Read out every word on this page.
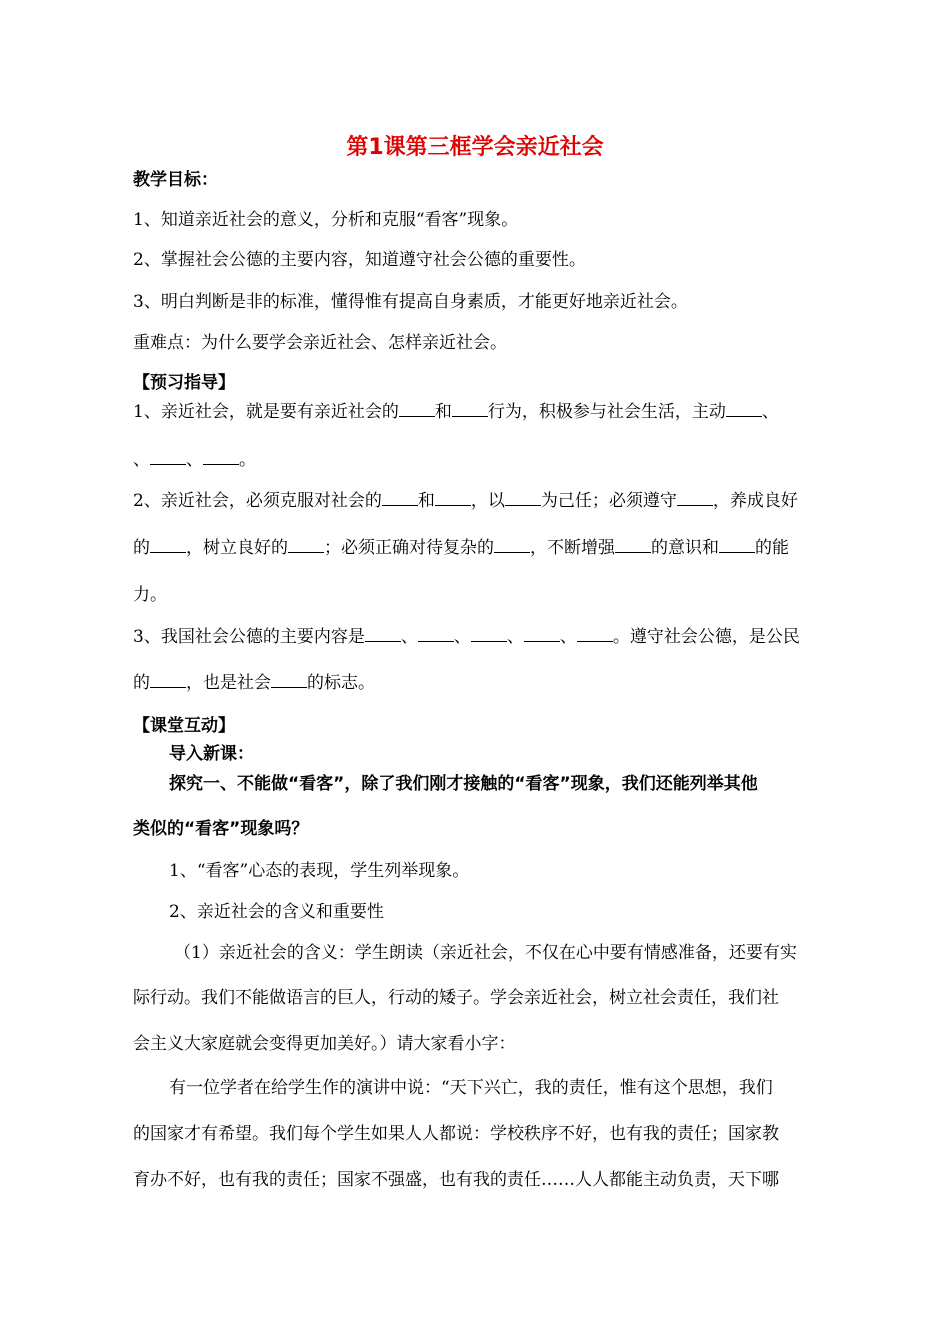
第1课第三框学会亲近社会
教学目标：
1、知道亲近社会的意义，分析和克服“看客”现象。
2、掌握社会公德的主要内容，知道遵守社会公德的重要性。
3、明白判断是非的标准，懂得惟有提高自身素质，才能更好地亲近社会。
重难点：为什么要学会亲近社会、怎样亲近社会。
【预习指导】
1、亲近社会，就是要有亲近社会的 和 行为，积极参与社会生活，主动 、
、 、 。
2、亲近社会，必须克服对社会的 和 ，以 为己任；必须遵守 ，养成良好
的 ，树立良好的 ；必须正确对待复杂的 ，不断增强 的意识和 的能
力。
3、我国社会公德的主要内容是 、 、 、 、 。遵守社会公德，是公民
的 ，也是社会 的标志。
【课堂互动】
导入新课：
探究一、不能做“看客”，除了我们刚才接触的“看客”现象，我们还能列举其他
类似的“看客”现象吗？
1、“看客”心态的表现，学生列举现象。
2、亲近社会的含义和重要性
（1）亲近社会的含义：学生朗读（亲近社会，不仅在心中要有情感准备，还要有实
际行动。我们不能做语言的巨人，行动的矮子。学会亲近社会，树立社会责任，我们社
会主义大家庭就会变得更加美好。）请大家看小字：
有一位学者在给学生作的演讲中说：“天下兴亡，我的责任，惟有这个思想，我们
的国家才有希望。我们每个学生如果人人都说：学校秩序不好，也有我的责任；国家教
育办不好，也有我的责任；国家不强盛，也有我的责任……人人都能主动负责，天下哪
